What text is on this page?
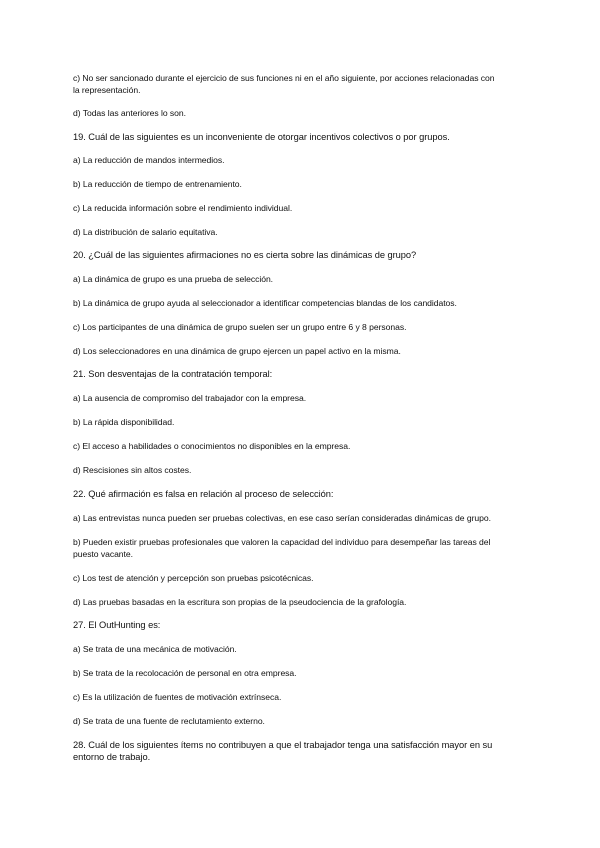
c) No ser sancionado durante el ejercicio de sus funciones ni en el año siguiente, por acciones relacionadas con
la representación.
d) Todas las anteriores lo son.
19. Cuál de las siguientes es un inconveniente de otorgar incentivos colectivos o por grupos.
a) La reducción de mandos intermedios.
b) La reducción de tiempo de entrenamiento.
c) La reducida información sobre el rendimiento individual.
d) La distribución de salario equitativa.
20. ¿Cuál de las siguientes afirmaciones no es cierta sobre las dinámicas de grupo?
a) La dinámica de grupo es una prueba de selección.
b) La dinámica de grupo ayuda al seleccionador a identificar competencias blandas de los candidatos.
c) Los participantes de una dinámica de grupo suelen ser un grupo entre 6 y 8 personas.
d) Los seleccionadores en una dinámica de grupo ejercen un papel activo en la misma.
21. Son desventajas de la contratación temporal:
a) La ausencia de compromiso del trabajador con la empresa.
b) La rápida disponibilidad.
c) El acceso a habilidades o conocimientos no disponibles en la empresa.
d) Rescisiones sin altos costes.
22. Qué afirmación es falsa en relación al proceso de selección:
a) Las entrevistas nunca pueden ser pruebas colectivas, en ese caso serían consideradas dinámicas de grupo.
b) Pueden existir pruebas profesionales que valoren la capacidad del individuo para desempeñar las tareas del
puesto vacante.
c) Los test de atención y percepción son pruebas psicotécnicas.
d) Las pruebas basadas en la escritura son propias de la pseudociencia de la grafología.
27. El OutHunting es:
a) Se trata de una mecánica de motivación.
b) Se trata de la recolocación de personal en otra empresa.
c) Es la utilización de fuentes de motivación extrínseca.
d) Se trata de una fuente de reclutamiento externo.
28. Cuál de los siguientes ítems no contribuyen a que el trabajador tenga una satisfacción mayor en su
entorno de trabajo.
